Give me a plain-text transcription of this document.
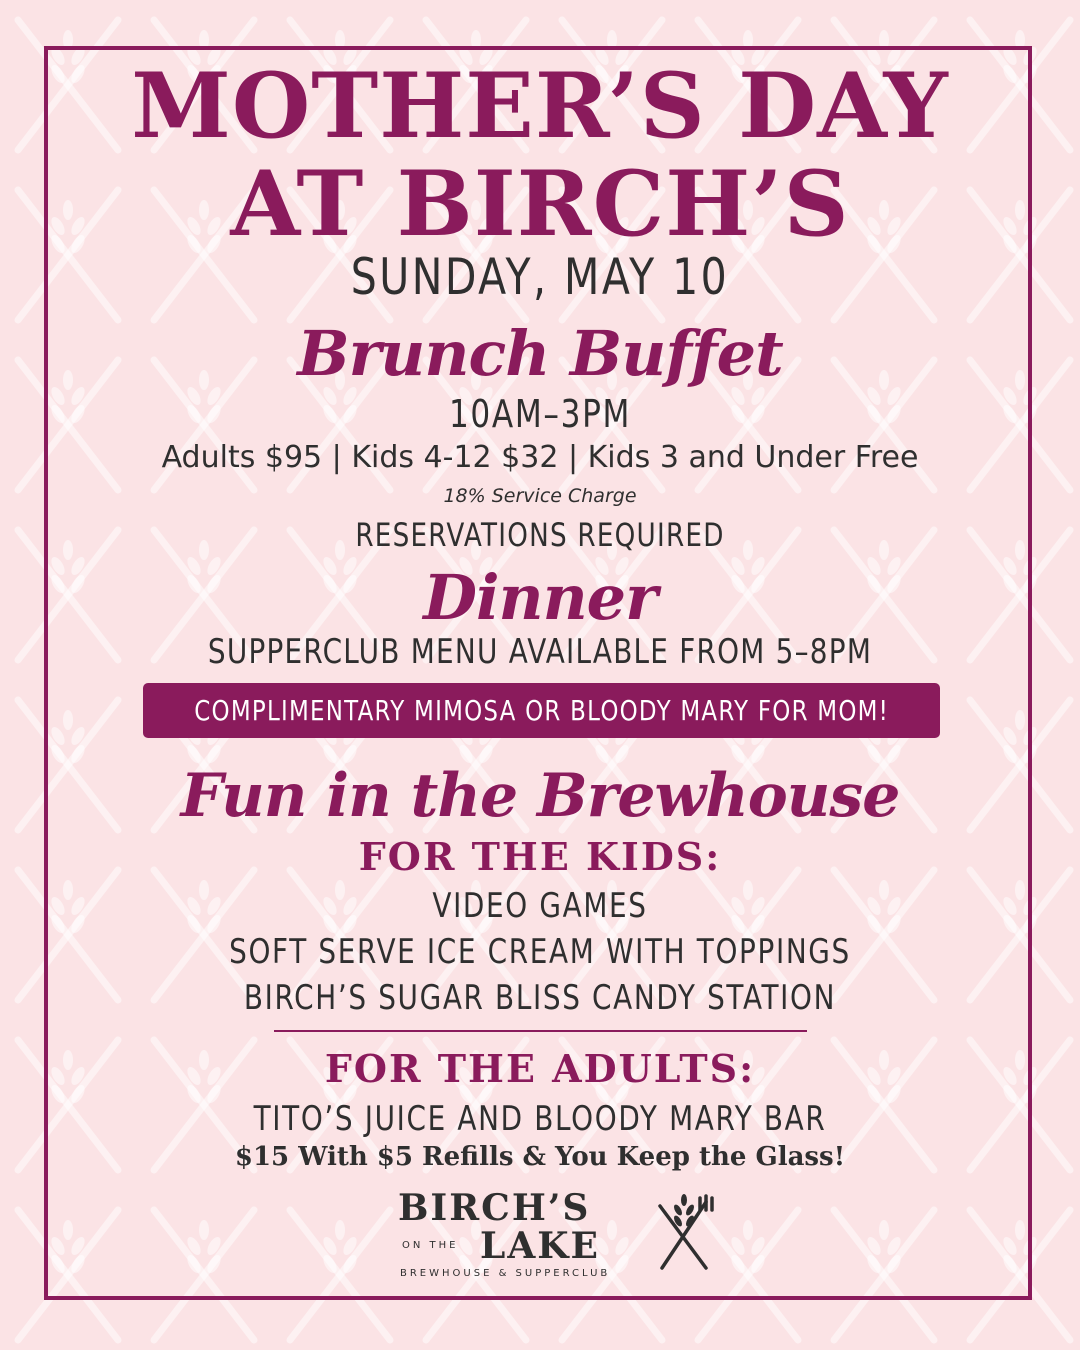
MOTHER’S DAY
AT BIRCH’S

SUNDAY, MAY 10

Brunch Buffet

10AM–3PM

Adults $95 | Kids 4-12 $32 | Kids 3 and Under Free

18% Service Charge

RESERVATIONS REQUIRED

Dinner

SUPPERCLUB MENU AVAILABLE FROM 5–8PM

COMPLIMENTARY MIMOSA OR BLOODY MARY FOR MOM!

Fun in the Brewhouse

FOR THE KIDS:

VIDEO GAMES

SOFT SERVE ICE CREAM WITH TOPPINGS

BIRCH’S SUGAR BLISS CANDY STATION

FOR THE ADULTS:

TITO’S JUICE AND BLOODY MARY BAR

$15 With $5 Refills & You Keep the Glass!

BIRCH’S
ON THE LAKE
BREWHOUSE & SUPPERCLUB
